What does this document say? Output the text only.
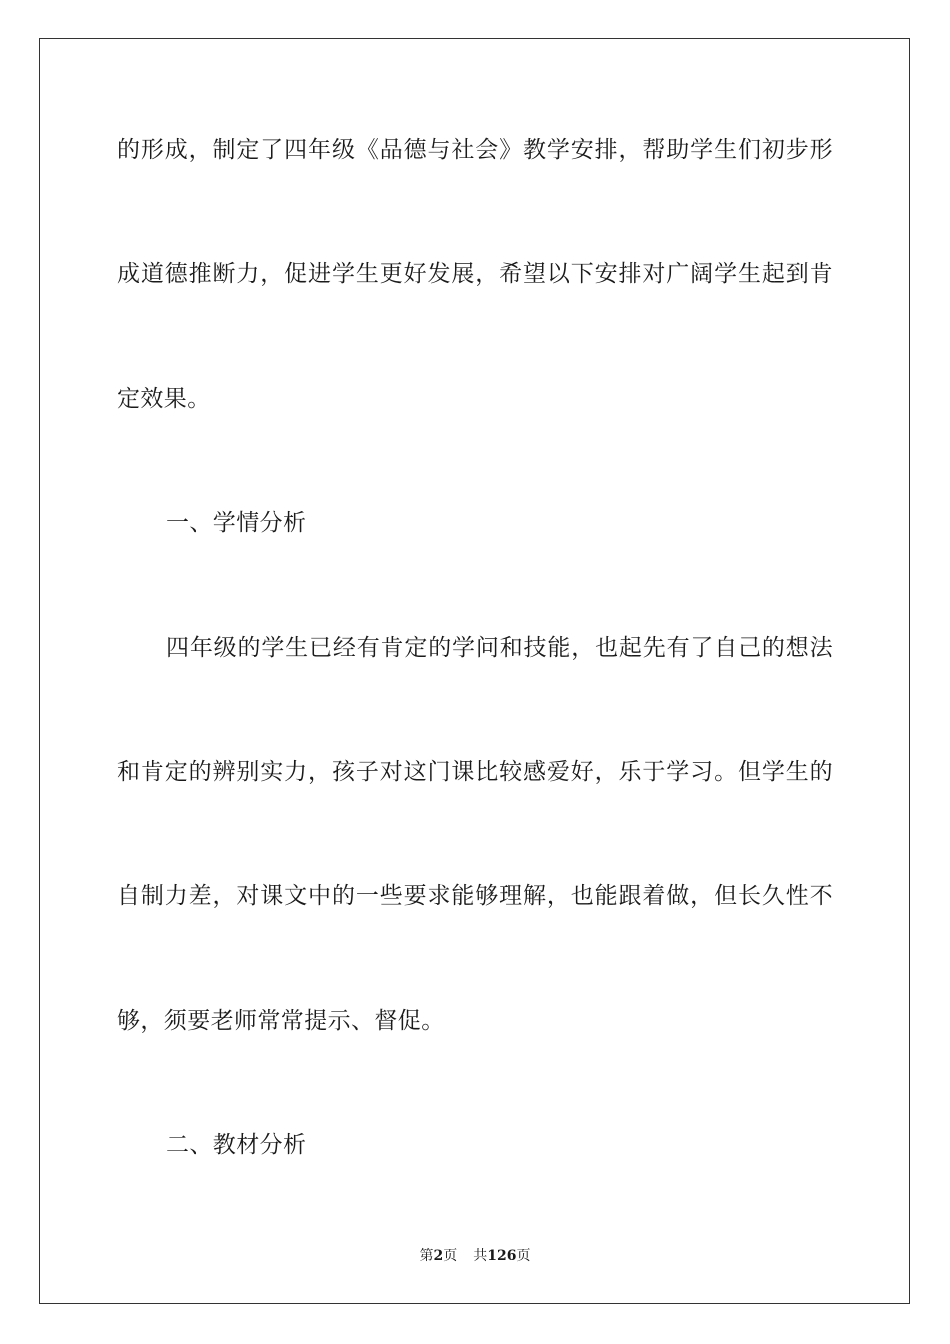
的形成，制定了四年级《品德与社会》教学安排，帮助学生们初步形
成道德推断力，促进学生更好发展，希望以下安排对广阔学生起到肯
定效果。
一、学情分析
四年级的学生已经有肯定的学问和技能，也起先有了自己的想法
和肯定的辨别实力，孩子对这门课比较感爱好，乐于学习。但学生的
自制力差，对课文中的一些要求能够理解，也能跟着做，但长久性不
够，须要老师常常提示、督促。
二、教材分析
第2页 共126页
